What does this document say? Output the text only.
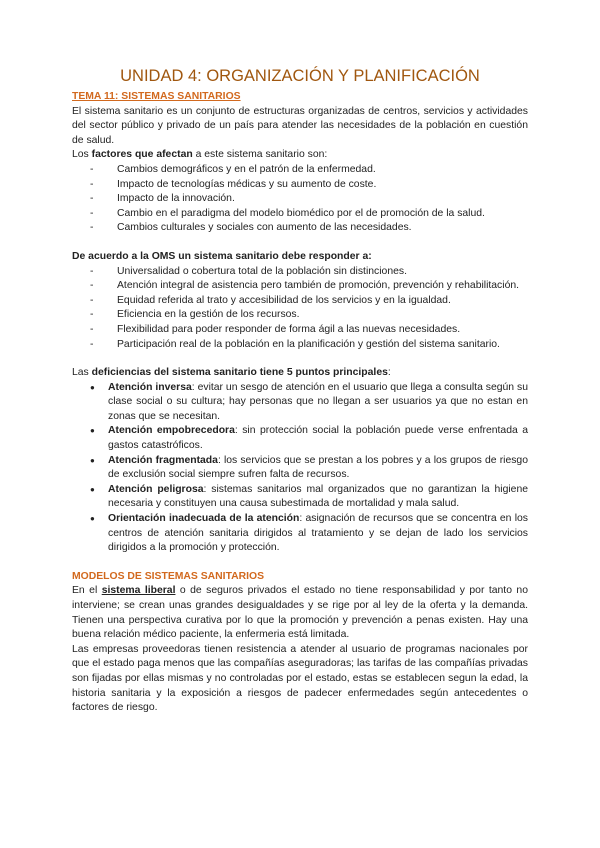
UNIDAD 4: ORGANIZACIÓN Y PLANIFICACIÓN

TEMA 11: SISTEMAS SANITARIOS

El sistema sanitario es un conjunto de estructuras organizadas de centros, servicios y actividades del sector público y privado de un país para atender las necesidades de la población en cuestión de salud.

Los factores que afectan a este sistema sanitario son:

- Cambios demográficos y en el patrón de la enfermedad.
- Impacto de tecnologías médicas y su aumento de coste.
- Impacto de la innovación.
- Cambio en el paradigma del modelo biomédico por el de promoción de la salud.
- Cambios culturales y sociales con aumento de las necesidades.

De acuerdo a la OMS un sistema sanitario debe responder a:

- Universalidad o cobertura total de la población sin distinciones.
- Atención integral de asistencia pero también de promoción, prevención y rehabilitación.
- Equidad referida al trato y accesibilidad de los servicios y en la igualdad.
- Eficiencia en la gestión de los recursos.
- Flexibilidad para poder responder de forma ágil a las nuevas necesidades.
- Participación real de la población en la planificación y gestión del sistema sanitario.

Las deficiencias del sistema sanitario tiene 5 puntos principales:

● Atención inversa: evitar un sesgo de atención en el usuario que llega a consulta según su clase social o su cultura; hay personas que no llegan a ser usuarios ya que no estan en zonas que se necesitan.
● Atención empobrecedora: sin protección social la población puede verse enfrentada a gastos catastróficos.
● Atención fragmentada: los servicios que se prestan a los pobres y a los grupos de riesgo de exclusión social siempre sufren falta de recursos.
● Atención peligrosa: sistemas sanitarios mal organizados que no garantizan la higiene necesaria y constituyen una causa subestimada de mortalidad y mala salud.
● Orientación inadecuada de la atención: asignación de recursos que se concentra en los centros de atención sanitaria dirigidos al tratamiento y se dejan de lado los servicios dirigidos a la promoción y protección.

MODELOS DE SISTEMAS SANITARIOS

En el sistema liberal o de seguros privados el estado no tiene responsabilidad y por tanto no interviene; se crean unas grandes desigualdades y se rige por al ley de la oferta y la demanda. Tienen una perspectiva curativa por lo que la promoción y prevención a penas existen. Hay una buena relación médico paciente, la enfermeria está limitada.

Las empresas proveedoras tienen resistencia a atender al usuario de programas nacionales por que el estado paga menos que las compañías aseguradoras; las tarifas de las compañías privadas son fijadas por ellas mismas y no controladas por el estado, estas se establecen segun la edad, la historia sanitaria y la exposición a riesgos de padecer enfermedades según antecedentes o factores de riesgo.
